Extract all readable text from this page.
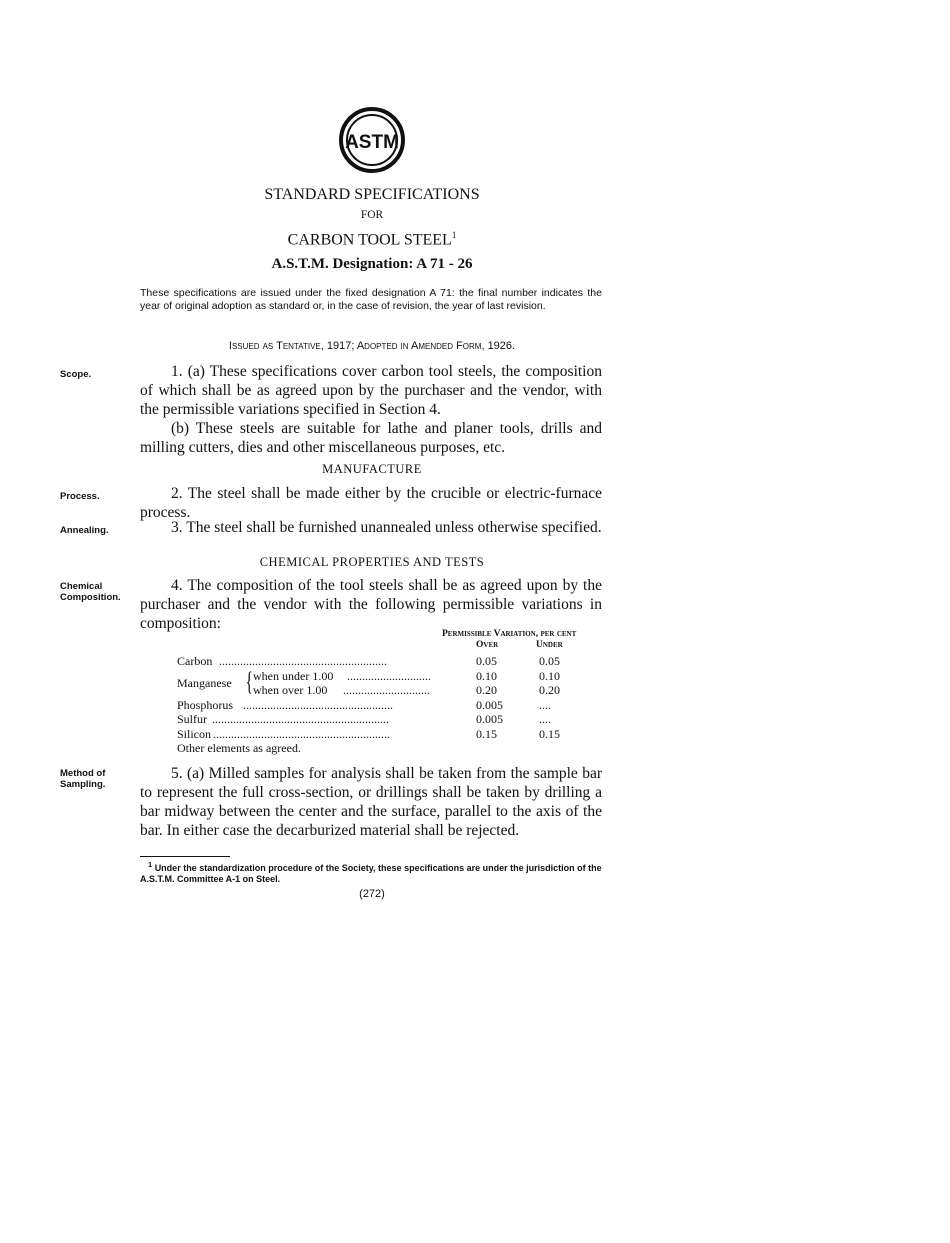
ASTM
STANDARD SPECIFICATIONS
FOR
CARBON TOOL STEEL$^1$
A.S.T.M. Designation: A 71 - 26
These specifications are issued under the fixed designation A 71: the final number indicates the year of original adoption as standard or, in the case of revision, the year of last revision.
Issued as Tentative, 1917; Adopted in Amended Form, 1926.
Scope.	1. (a) These specifications cover carbon tool steels, the composition of which shall be as agreed upon by the purchaser and the vendor, with the permissible variations specified in Section 4.
(b) These steels are suitable for lathe and planer tools, drills and milling cutters, dies and other miscellaneous purposes, etc.
MANUFACTURE
Process.	2. The steel shall be made either by the crucible or electric-furnace process.
Annealing.	3. The steel shall be furnished unannealed unless otherwise specified.
CHEMICAL PROPERTIES AND TESTS
Chemical
Composition.
4. The composition of the tool steels shall be as agreed upon by the purchaser and the vendor with the following permissible variations in composition:
Permissible Variation, per cent
Over	Under
Carbon ........................................................	0.05	0.05
Manganese { when under 1.00 ............................	0.10	0.10
when over 1.00 .............................	0.20	0.20
Phosphorus ..................................................	0.005	....
Sulfur ...........................................................	0.005	....
Silicon ...........................................................	0.15	0.15
Other elements as agreed.
Method of
Sampling.
5. (a) Milled samples for analysis shall be taken from the sample bar to represent the full cross-section, or drillings shall be taken by drilling a bar midway between the center and the surface, parallel to the axis of the bar. In either case the decarburized material shall be rejected.
$^1$ Under the standardization procedure of the Society, these specifications are under the jurisdiction of the A.S.T.M. Committee A-1 on Steel.
(272)
